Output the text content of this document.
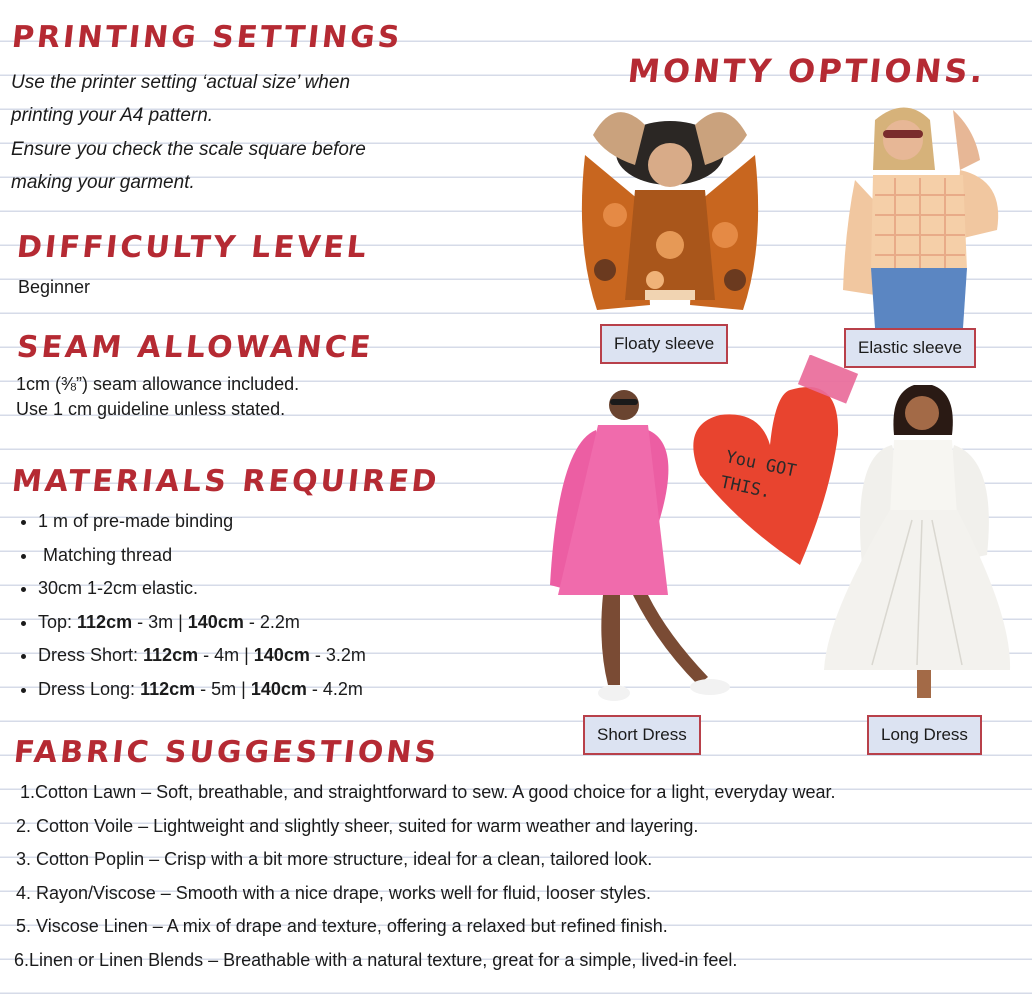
PRINTING SETTINGS

Use the printer setting ‘actual size’ when

printing your A4 pattern.

Ensure you check the scale square before

making your garment.

DIFFICULTY LEVEL

Beginner

SEAM ALLOWANCE

1cm (⅜”) seam allowance included.

Use 1 cm guideline unless stated.

MATERIALS REQUIRED
• 1 m of pre-made binding
•  Matching thread
• 30cm 1-2cm elastic.
• Top: 112cm - 3m | 140cm - 2.2m
• Dress Short: 112cm - 4m | 140cm - 3.2m
• Dress Long: 112cm - 5m | 140cm - 4.2m
FABRIC SUGGESTIONS
1.Cotton Lawn – Soft, breathable, and straightforward to sew. A good choice for a light, everyday wear.
2. Cotton Voile – Lightweight and slightly sheer, suited for warm weather and layering.
3. Cotton Poplin – Crisp with a bit more structure, ideal for a clean, tailored look.
4. Rayon/Viscose – Smooth with a nice drape, works well for fluid, looser styles.
5. Viscose Linen – A mix of drape and texture, offering a relaxed but refined finish.
6.Linen or Linen Blends – Breathable with a natural texture, great for a simple, lived-in feel.
MONTY OPTIONS.
You GOT THIS.
Floaty sleeve	Elastic sleeve
Short Dress	Long Dress
